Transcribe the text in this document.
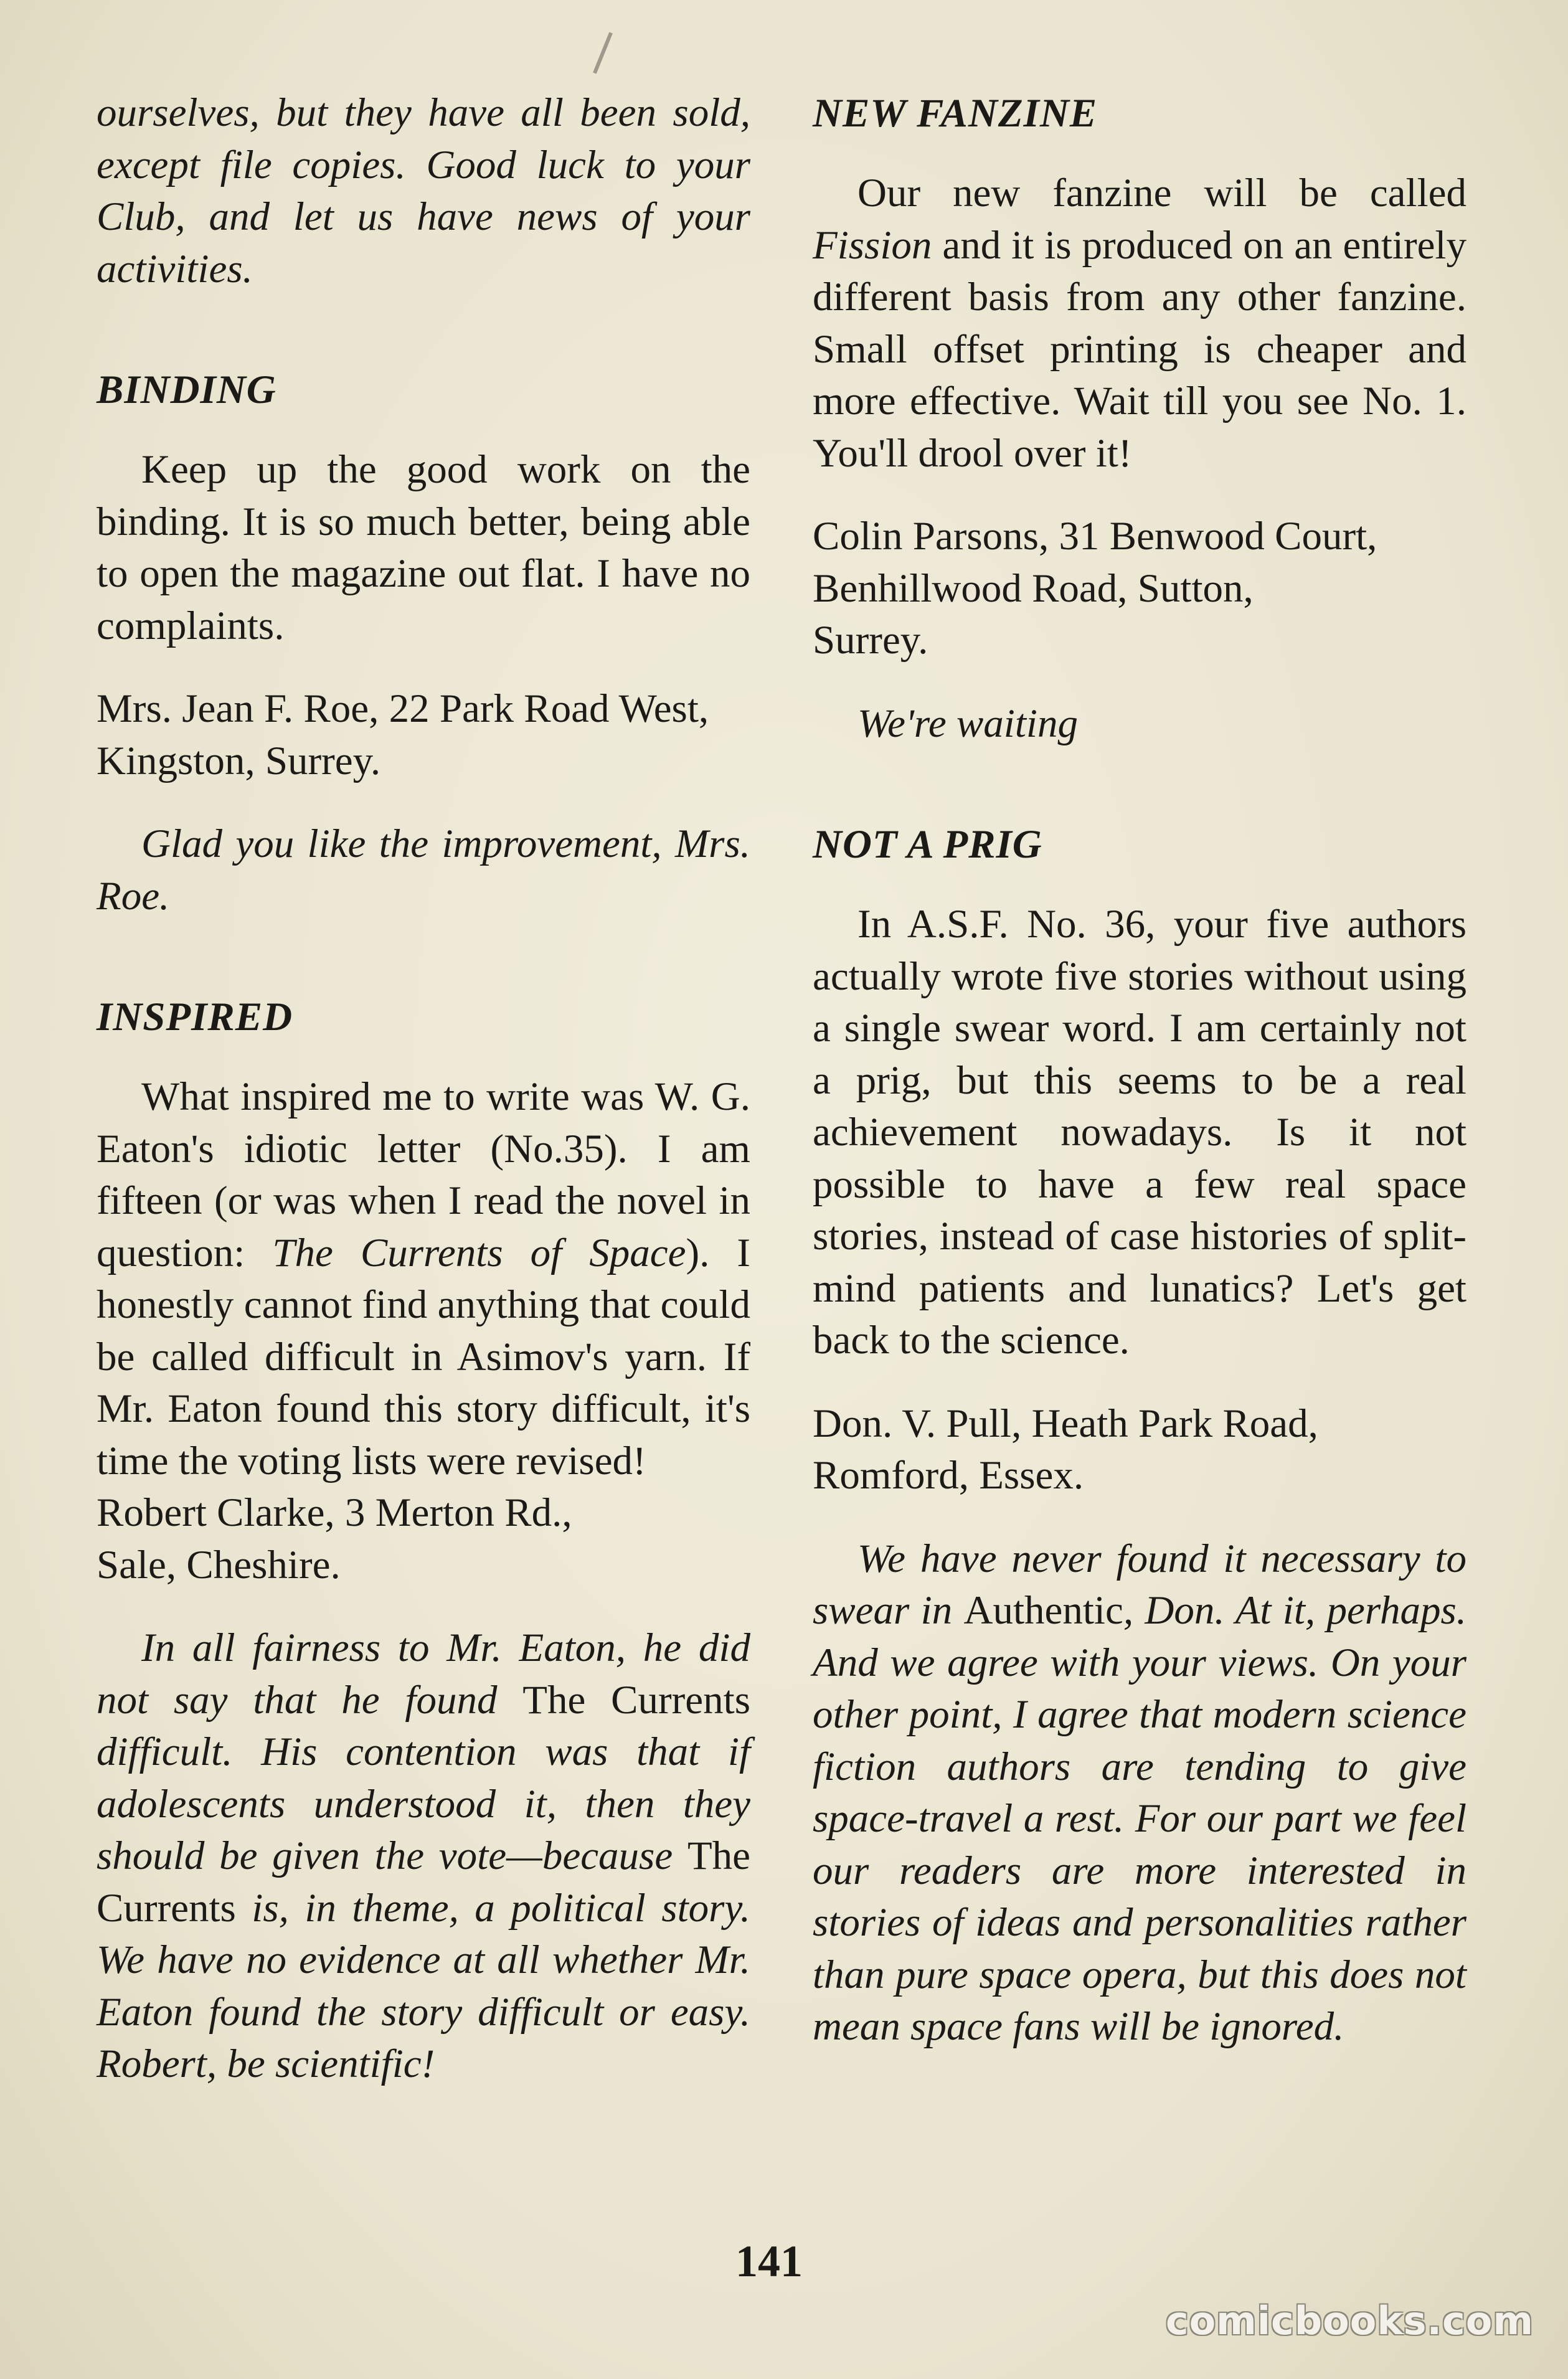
ourselves, but they have all been sold, except file copies. Good luck to your Club, and let us have news of your activities.

BINDING

Keep up the good work on the binding. It is so much better, being able to open the magazine out flat. I have no complaints.

Mrs. Jean F. Roe, 22 Park Road West, Kingston, Surrey.

Glad you like the improvement, Mrs. Roe.

INSPIRED

What inspired me to write was W. G. Eaton's idiotic letter (No.35). I am fifteen (or was when I read the novel in question: The Currents of Space). I honestly cannot find anything that could be called difficult in Asimov's yarn. If Mr. Eaton found this story difficult, it's time the voting lists were revised!

Robert Clarke, 3 Merton Rd.,

Sale, Cheshire.

In all fairness to Mr. Eaton, he did not say that he found The Currents difficult. His contention was that if adolescents understood it, then they should be given the vote—because The Currents is, in theme, a political story. We have no evidence at all whether Mr. Eaton found the story difficult or easy. Robert, be scientific!

NEW FANZINE

Our new fanzine will be called Fission and it is produced on an entirely different basis from any other fanzine. Small offset printing is cheaper and more effective. Wait till you see No. 1. You'll drool over it!

Colin Parsons, 31 Benwood Court,

Benhillwood Road, Sutton,

Surrey.

We're waiting

NOT A PRIG

In A.S.F. No. 36, your five authors actually wrote five stories without using a single swear word. I am certainly not a prig, but this seems to be a real achievement nowadays. Is it not possible to have a few real space stories, instead of case histories of split-mind patients and lunatics? Let's get back to the science.

Don. V. Pull, Heath Park Road,

Romford, Essex.

We have never found it necessary to swear in Authentic, Don. At it, perhaps. And we agree with your views. On your other point, I agree that modern science fiction authors are tending to give space-travel a rest. For our part we feel our readers are more interested in stories of ideas and personalities rather than pure space opera, but this does not mean space fans will be ignored.

141
comicbooks.com
